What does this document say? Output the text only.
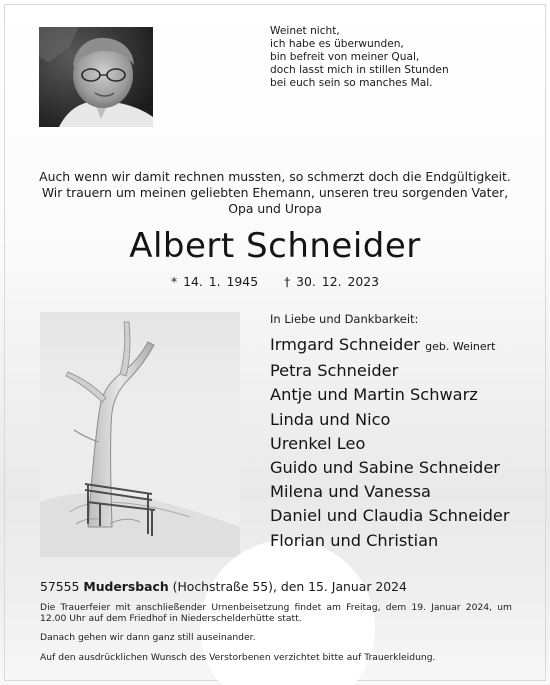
Weinet nicht,
ich habe es überwunden,
bin befreit von meiner Qual,
doch lasst mich in stillen Stunden
bei euch sein so manches Mal.
Auch wenn wir damit rechnen mussten, so schmerzt doch die Endgültigkeit.
Wir trauern um meinen geliebten Ehemann, unseren treu sorgenden Vater,
Opa und Uropa
Albert Schneider
* 14. 1. 1945 † 30. 12. 2023
In Liebe und Dankbarkeit:
Irmgard Schneider geb. Weinert
Petra Schneider
Antje und Martin Schwarz
Linda und Nico
Urenkel Leo
Guido und Sabine Schneider
Milena und Vanessa
Daniel und Claudia Schneider
Florian und Christian
57555 Mudersbach (Hochstraße 55), den 15. Januar 2024

Die Trauerfeier mit anschließender Urnenbeisetzung findet am Freitag, dem 19. Januar 2024, um 12.00 Uhr auf dem Friedhof in Niederschelderhütte statt.

Danach gehen wir dann ganz still auseinander.

Auf den ausdrücklichen Wunsch des Verstorbenen verzichtet bitte auf Trauerkleidung.
